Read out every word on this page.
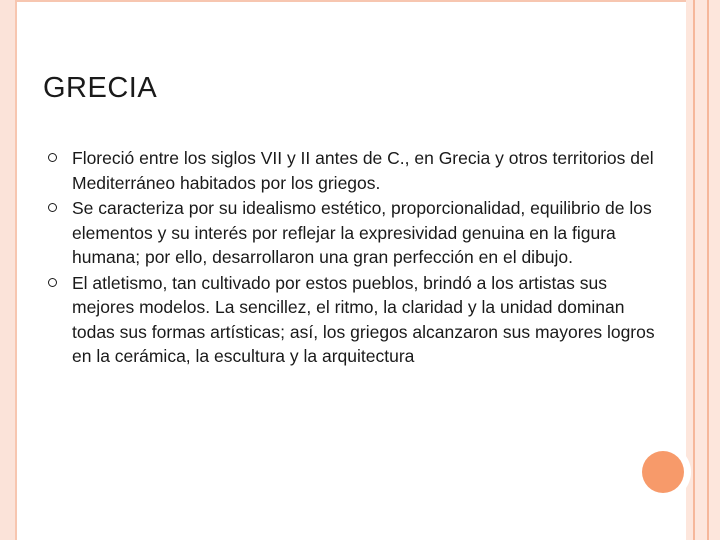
GRECIA
Floreció entre los siglos VII y II antes de C., en Grecia y otros territorios del Mediterráneo habitados por los griegos.
Se caracteriza por su idealismo estético, proporcionalidad, equilibrio de los elementos y su interés por reflejar la expresividad genuina en la figura humana; por ello, desarrollaron una gran perfección en el dibujo.
El atletismo, tan cultivado por estos pueblos, brindó a los artistas sus mejores modelos. La sencillez, el ritmo, la claridad y la unidad dominan todas sus formas artísticas; así, los griegos alcanzaron sus mayores logros en la cerámica, la escultura y la arquitectura
